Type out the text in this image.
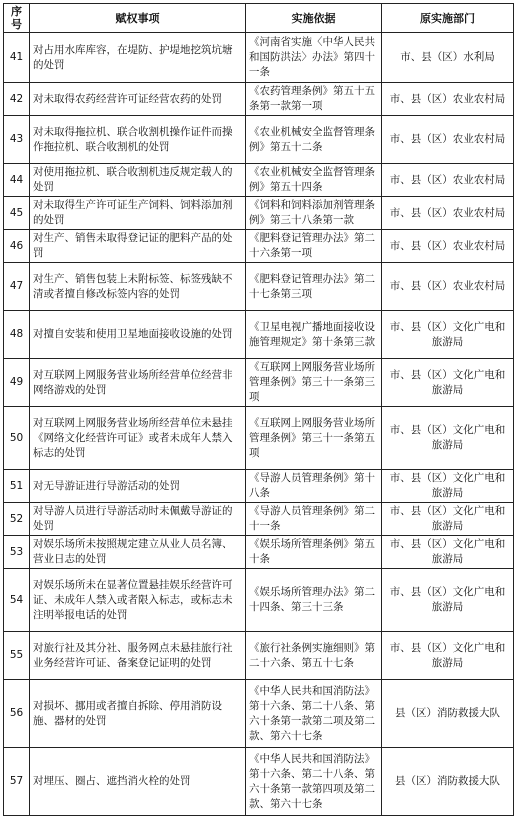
序号	赋权事项	实施依据	原实施部门
41	对占用水库库容，在堤防、护堤地挖筑坑塘的处罚	《河南省实施〈中华人民共和国防洪法〉办法》第四十一条	市、县（区）水利局
42	对未取得农药经营许可证经营农药的处罚	《农药管理条例》第五十五条第一款第一项	市、县（区）农业农村局
43	对未取得拖拉机、联合收割机操作证件而操作拖拉机、联合收割机的处罚	《农业机械安全监督管理条例》第五十二条	市、县（区）农业农村局
44	对使用拖拉机、联合收割机违反规定载人的处罚	《农业机械安全监督管理条例》第五十四条	市、县（区）农业农村局
45	对未取得生产许可证生产饲料、饲料添加剂的处罚	《饲料和饲料添加剂管理条例》第三十八条第一款	市、县（区）农业农村局
46	对生产、销售未取得登记证的肥料产品的处罚	《肥料登记管理办法》第二十六条第一项	市、县（区）农业农村局
47	对生产、销售包装上未附标签、标签残缺不清或者擅自修改标签内容的处罚	《肥料登记管理办法》第二十七条第三项	市、县（区）农业农村局
48	对擅自安装和使用卫星地面接收设施的处罚	《卫星电视广播地面接收设施管理规定》第十条第三款	市、县（区）文化广电和旅游局
49	对互联网上网服务营业场所经营单位经营非网络游戏的处罚	《互联网上网服务营业场所管理条例》第三十一条第三项	市、县（区）文化广电和旅游局
50	对互联网上网服务营业场所经营单位未悬挂《网络文化经营许可证》或者未成年人禁入标志的处罚	《互联网上网服务营业场所管理条例》第三十一条第五项	市、县（区）文化广电和旅游局
51	对无导游证进行导游活动的处罚	《导游人员管理条例》第十八条	市、县（区）文化广电和旅游局
52	对导游人员进行导游活动时未佩戴导游证的处罚	《导游人员管理条例》第二十一条	市、县（区）文化广电和旅游局
53	对娱乐场所未按照规定建立从业人员名簿、营业日志的处罚	《娱乐场所管理条例》第五十条	市、县（区）文化广电和旅游局
54	对娱乐场所未在显著位置悬挂娱乐经营许可证、未成年人禁入或者限入标志，或标志未注明举报电话的处罚	《娱乐场所管理办法》第二十四条、第三十三条	市、县（区）文化广电和旅游局
55	对旅行社及其分社、服务网点未悬挂旅行社业务经营许可证、备案登记证明的处罚	《旅行社条例实施细则》第二十六条、第五十七条	市、县（区）文化广电和旅游局
56	对损坏、挪用或者擅自拆除、停用消防设施、器材的处罚	《中华人民共和国消防法》第十六条、第二十八条、第六十条第一款第二项及第二款、第六十七条	县（区）消防救援大队
57	对埋压、圈占、遮挡消火栓的处罚	《中华人民共和国消防法》第十六条、第二十八条、第六十条第一款第四项及第二款、第六十七条	县（区）消防救援大队
